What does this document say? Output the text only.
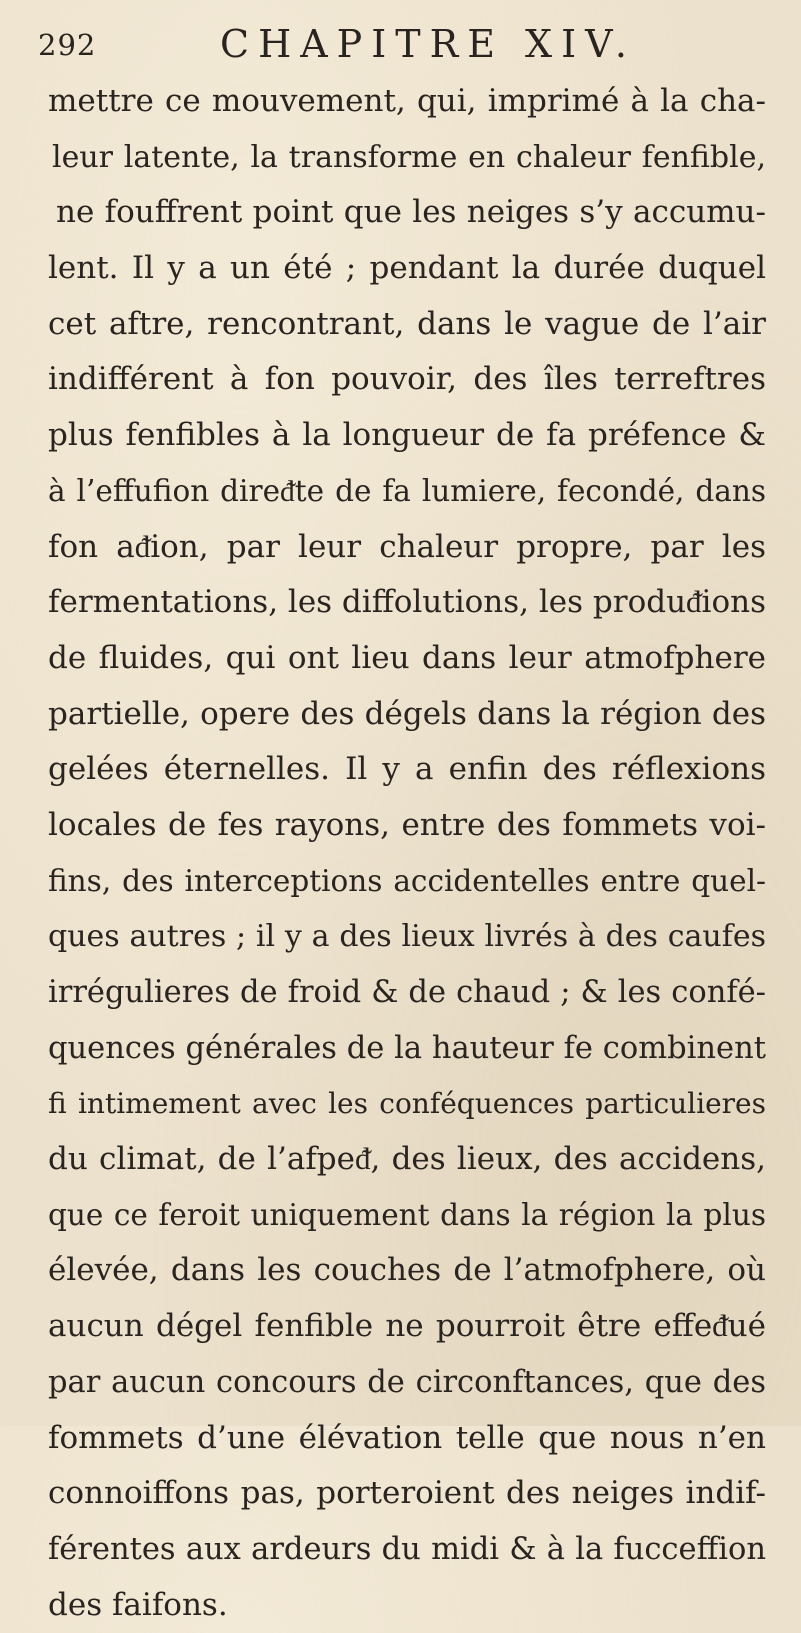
292	CHAPITRE XIV.
mettre ce mouvement, qui, imprimé à la cha-
leur latente, la transforme en chaleur fenfible,
ne fouffrent point que les neiges s’y accumu-
lent. Il y a un été ; pendant la durée duquel
cet aftre, rencontrant, dans le vague de l’air
indifférent à fon pouvoir, des îles terreftres
plus fenfibles à la longueur de fa préfence &
à l’effufion direᵭte de fa lumiere, fecondé, dans
fon aᵭion, par leur chaleur propre, par les
fermentations, les diffolutions, les produᵭions
de fluides, qui ont lieu dans leur atmofphere
partielle, opere des dégels dans la région des
gelées éternelles. Il y a enfin des réflexions
locales de fes rayons, entre des fommets voi-
fins, des interceptions accidentelles entre quel-
ques autres ; il y a des lieux livrés à des caufes
irrégulieres de froid & de chaud ; & les confé-
quences générales de la hauteur fe combinent
fi intimement avec les conféquences particulieres
du climat, de l’afpeᵭ, des lieux, des accidens,
que ce feroit uniquement dans la région la plus
élevée, dans les couches de l’atmofphere, où
aucun dégel fenfible ne pourroit être effeᵭué
par aucun concours de circonftances, que des
fommets d’une élévation telle que nous n’en
connoiffons pas, porteroient des neiges indif-
férentes aux ardeurs du midi & à la fucceffion
des faifons.
